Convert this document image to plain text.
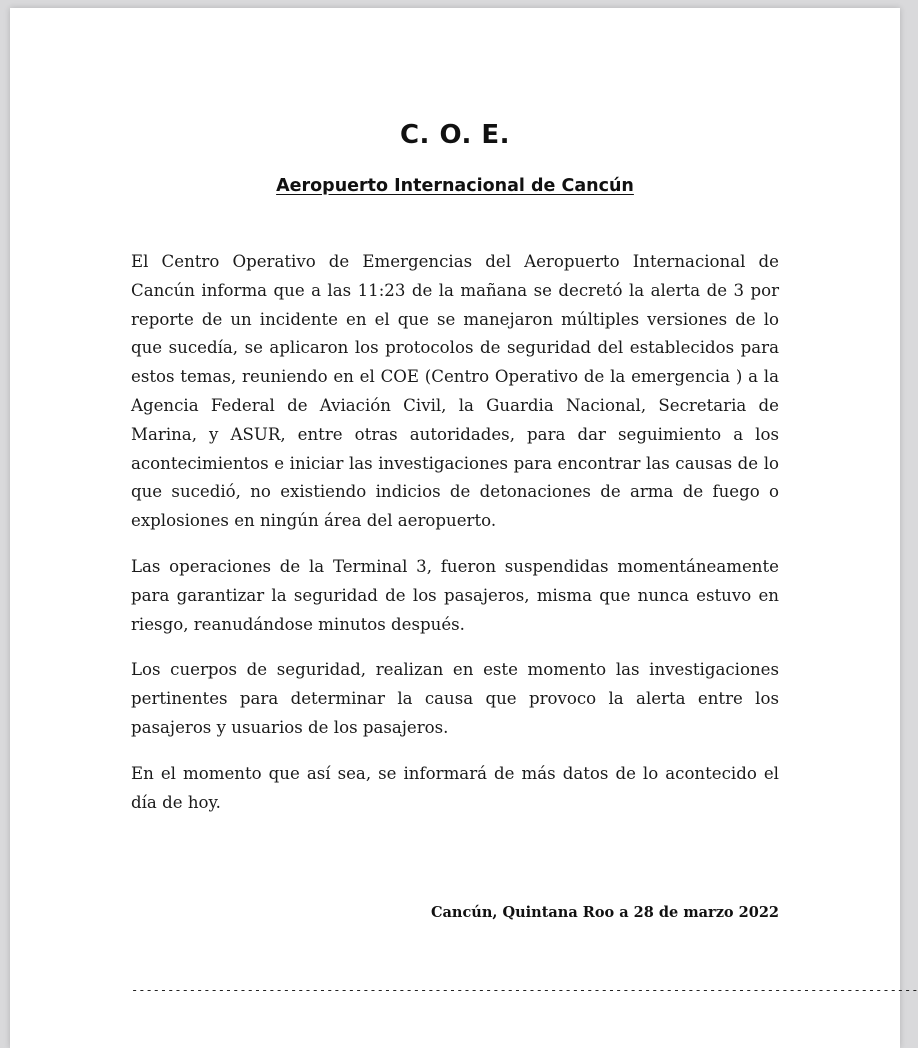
C. O. E.
Aeropuerto Internacional de Cancún

El Centro Operativo de Emergencias del Aeropuerto Internacional de Cancún informa que a las 11:23 de la mañana se decretó la alerta de 3 por reporte de un incidente en el que se manejaron múltiples versiones de lo que sucedía, se aplicaron los protocolos de seguridad del establecidos para estos temas, reuniendo en el COE (Centro Operativo de la emergencia ) a la Agencia Federal de Aviación Civil, la Guardia Nacional, Secretaria de Marina, y ASUR, entre otras autoridades, para dar seguimiento a los acontecimientos e iniciar las investigaciones para encontrar las causas de lo que sucedió, no existiendo indicios de detonaciones de arma de fuego o explosiones en ningún área del aeropuerto.

Las operaciones de la Terminal 3, fueron suspendidas momentáneamente para garantizar la seguridad de los pasajeros, misma que nunca estuvo en riesgo, reanudándose minutos después.

Los cuerpos de seguridad, realizan en este momento las investigaciones pertinentes para determinar la causa que provoco la alerta entre los pasajeros y usuarios de los pasajeros.

En el momento que así sea, se informará de más datos de lo acontecido el día de hoy.

Cancún, Quintana Roo a 28 de marzo 2022
-------------------------------------------------------------------------------------------------------------
